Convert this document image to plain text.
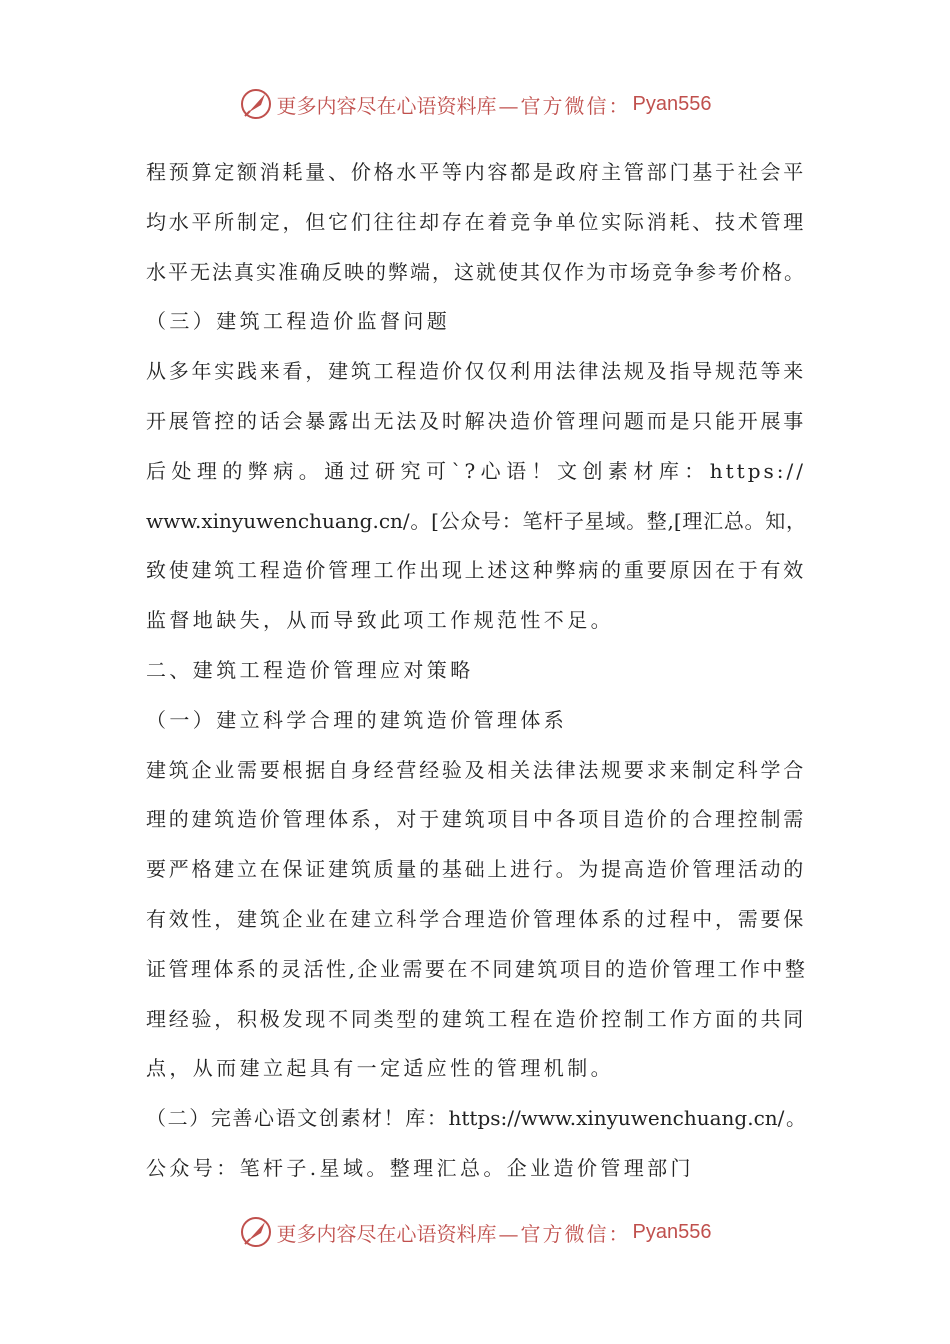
更多内容尽在心语资料库 —官方微信： Pyan556
程预算定额消耗量、价格水平等内容都是政府主管部门基于社会平
均水平所制定，但它们往往却存在着竞争单位实际消耗、技术管理
水平无法真实准确反映的弊端，这就使其仅作为市场竞争参考价格。
（三）建筑工程造价监督问题
从多年实践来看，建筑工程造价仅仅利用法律法规及指导规范等来
开展管控的话会暴露出无法及时解决造价管理问题而是只能开展事
后处理的弊病。通过研究可`?心语！文创素材库：https://
www.xinyuwenchuang.cn/。[公众号：笔杆子星域。整,[理汇总。知，
致使建筑工程造价管理工作出现上述这种弊病的重要原因在于有效
监督地缺失，从而导致此项工作规范性不足。
二、建筑工程造价管理应对策略
（一）建立科学合理的建筑造价管理体系
建筑企业需要根据自身经营经验及相关法律法规要求来制定科学合
理的建筑造价管理体系，对于建筑项目中各项目造价的合理控制需
要严格建立在保证建筑质量的基础上进行。为提高造价管理活动的
有效性，建筑企业在建立科学合理造价管理体系的过程中，需要保
证管理体系的灵活性,企业需要在不同建筑项目的造价管理工作中整
理经验，积极发现不同类型的建筑工程在造价控制工作方面的共同
点，从而建立起具有一定适应性的管理机制。
（二）完善心语文创素材！库：https://www.xinyuwenchuang.cn/。
公众号：笔杆子.星域。整理汇总。企业造价管理部门
更多内容尽在心语资料库 —官方微信： Pyan556
